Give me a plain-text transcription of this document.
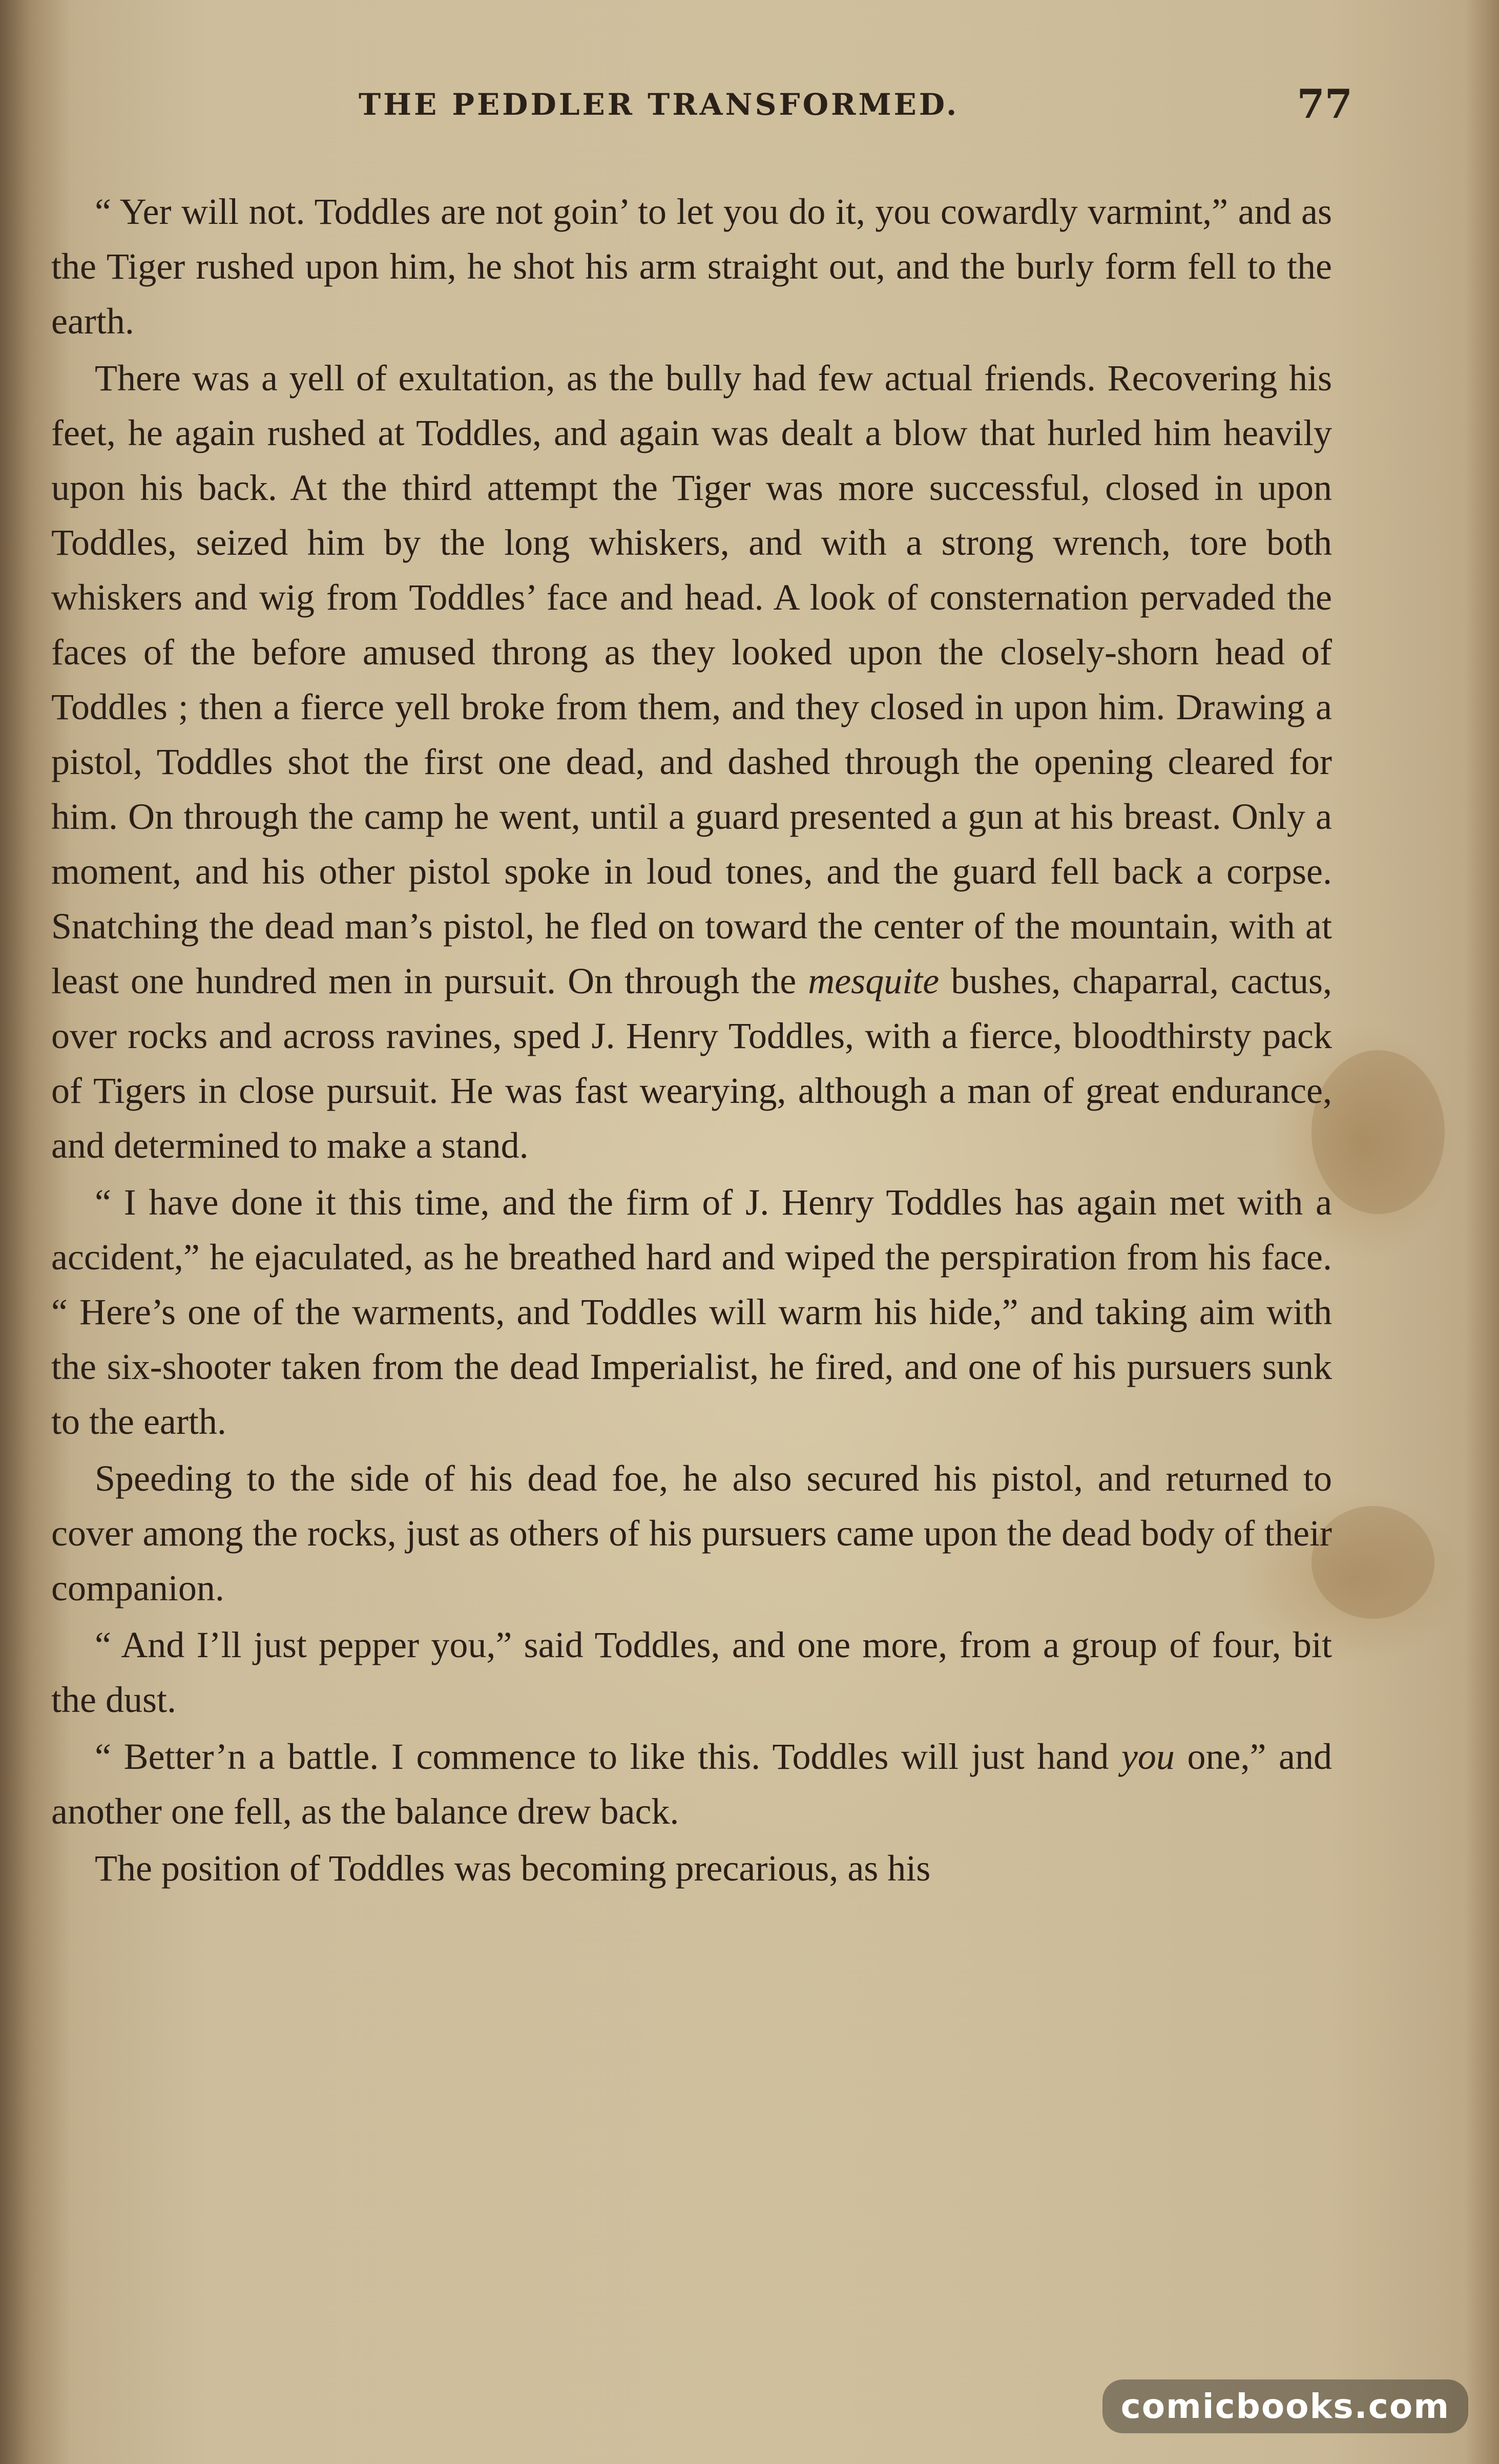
THE PEDDLER TRANSFORMED.	77

“ Yer will not. Toddles are not goin’ to let you do it, you cowardly varmint,” and as the Tiger rushed upon him, he shot his arm straight out, and the burly form fell to the earth.

There was a yell of exultation, as the bully had few actual friends. Recovering his feet, he again rushed at Toddles, and again was dealt a blow that hurled him heavily upon his back. At the third attempt the Tiger was more successful, closed in upon Toddles, seized him by the long whiskers, and with a strong wrench, tore both whiskers and wig from Toddles’ face and head. A look of consternation pervaded the faces of the before amused throng as they looked upon the closely-shorn head of Toddles ; then a fierce yell broke from them, and they closed in upon him. Drawing a pistol, Toddles shot the first one dead, and dashed through the opening cleared for him. On through the camp he went, until a guard presented a gun at his breast. Only a moment, and his other pistol spoke in loud tones, and the guard fell back a corpse. Snatching the dead man’s pistol, he fled on toward the center of the mountain, with at least one hundred men in pursuit. On through the mesquite bushes, chaparral, cactus, over rocks and across ravines, sped J. Henry Toddles, with a fierce, bloodthirsty pack of Tigers in close pursuit. He was fast wearying, although a man of great endurance, and determined to make a stand.

“ I have done it this time, and the firm of J. Henry Toddles has again met with a accident,” he ejaculated, as he breathed hard and wiped the perspiration from his face. “ Here’s one of the warments, and Toddles will warm his hide,” and taking aim with the six-shooter taken from the dead Imperialist, he fired, and one of his pursuers sunk to the earth.

Speeding to the side of his dead foe, he also secured his pistol, and returned to cover among the rocks, just as others of his pursuers came upon the dead body of their companion.

“ And I’ll just pepper you,” said Toddles, and one more, from a group of four, bit the dust.

“ Better’n a battle. I commence to like this. Toddles will just hand you one,” and another one fell, as the balance drew back.

The position of Toddles was becoming precarious, as his

comicbooks.com
